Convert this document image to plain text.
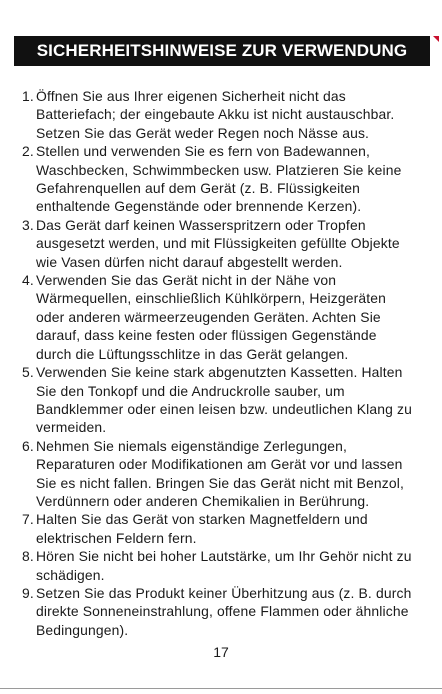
SICHERHEITSHINWEISE ZUR VERWENDUNG
1. Öffnen Sie aus Ihrer eigenen Sicherheit nicht das
Batteriefach; der eingebaute Akku ist nicht austauschbar.
Setzen Sie das Gerät weder Regen noch Nässe aus.
2. Stellen und verwenden Sie es fern von Badewannen,
Waschbecken, Schwimmbecken usw. Platzieren Sie keine
Gefahrenquellen auf dem Gerät (z. B. Flüssigkeiten
enthaltende Gegenstände oder brennende Kerzen).
3. Das Gerät darf keinen Wasserspritzern oder Tropfen
ausgesetzt werden, und mit Flüssigkeiten gefüllte Objekte
wie Vasen dürfen nicht darauf abgestellt werden.
4. Verwenden Sie das Gerät nicht in der Nähe von
Wärmequellen, einschließlich Kühlkörpern, Heizgeräten
oder anderen wärmeerzeugenden Geräten. Achten Sie
darauf, dass keine festen oder flüssigen Gegenstände
durch die Lüftungsschlitze in das Gerät gelangen.
5. Verwenden Sie keine stark abgenutzten Kassetten. Halten
Sie den Tonkopf und die Andruckrolle sauber, um
Bandklemmer oder einen leisen bzw. undeutlichen Klang zu
vermeiden.
6. Nehmen Sie niemals eigenständige Zerlegungen,
Reparaturen oder Modifikationen am Gerät vor und lassen
Sie es nicht fallen. Bringen Sie das Gerät nicht mit Benzol,
Verdünnern oder anderen Chemikalien in Berührung.
7. Halten Sie das Gerät von starken Magnetfeldern und
elektrischen Feldern fern.
8. Hören Sie nicht bei hoher Lautstärke, um Ihr Gehör nicht zu
schädigen.
9. Setzen Sie das Produkt keiner Überhitzung aus (z. B. durch
direkte Sonneneinstrahlung, offene Flammen oder ähnliche
Bedingungen).
17
